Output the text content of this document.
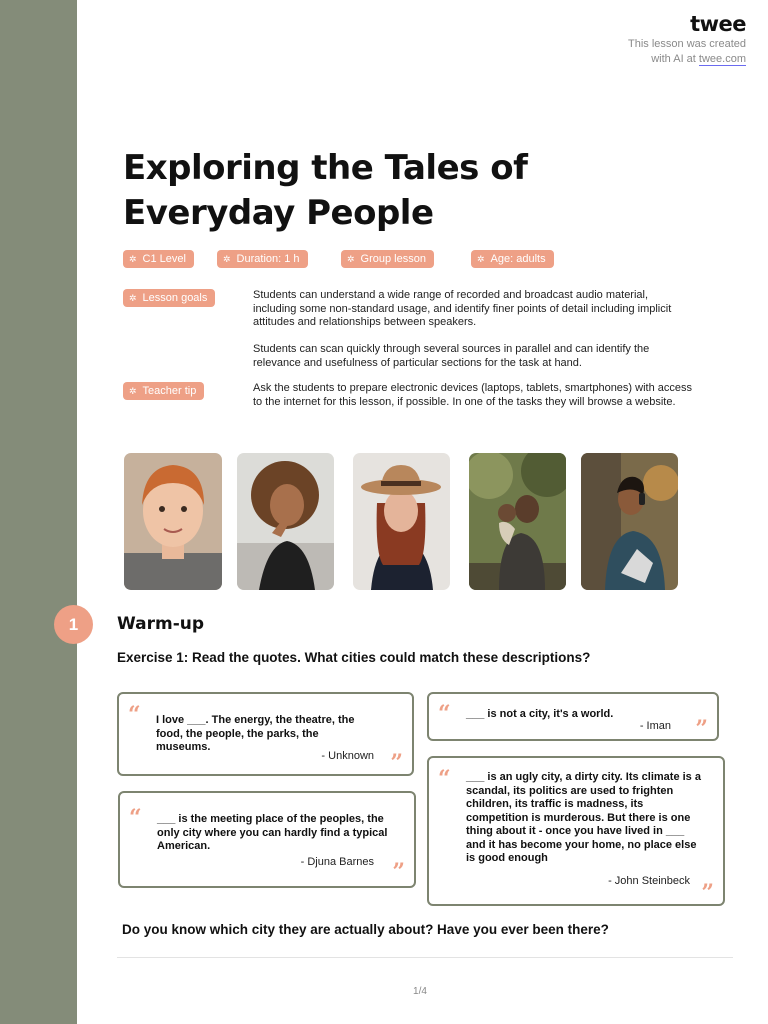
twee
This lesson was created
with AI at twee.com
Exploring the Tales of Everyday People
✲ C1 Level	✲ Duration: 1 h	✲ Group lesson	✲ Age: adults
✲ Lesson goals	Students can understand a wide range of recorded and broadcast audio material, including some non-standard usage, and identify finer points of detail including implicit attitudes and relationships between speakers.

Students can scan quickly through several sources in parallel and can identify the relevance and usefulness of particular sections for the task at hand.

✲ Teacher tip	Ask the students to prepare electronic devices (laptops, tablets, smartphones) with access to the internet for this lesson, if possible. In one of the tasks they will browse a website.

1	Warm-up

Exercise 1: Read the quotes. What cities could match these descriptions?

“ I love ___. The energy, the theatre, the food, the people, the parks, the museums.

- Unknown ”
“ ___ is the meeting place of the peoples, the only city where you can hardly find a typical American.

- Djuna Barnes ”
“ ___ is not a city, it's a world.

- Iman ”
“ ___ is an ugly city, a dirty city. Its climate is a scandal, its politics are used to frighten children, its traffic is madness, its competition is murderous. But there is one thing about it - once you have lived in ___ and it has become your home, no place else is good enough

- John Steinbeck ”

Do you know which city they are actually about? Have you ever been there?

1/4
